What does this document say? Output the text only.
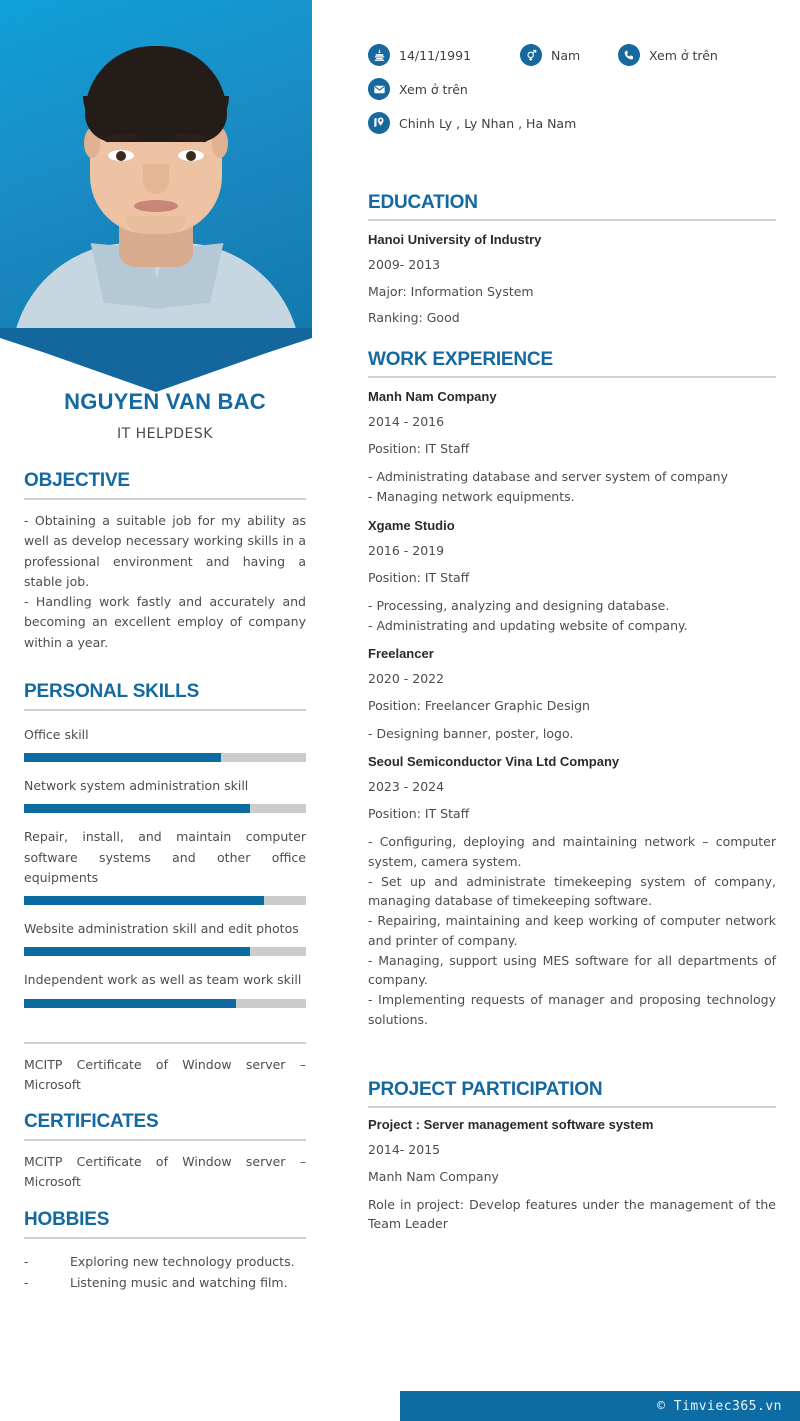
NGUYEN VAN BAC
IT HELPDESK
OBJECTIVE
- Obtaining a suitable job for my ability as well as develop necessary working skills in a professional environment and having a stable job.
- Handling work fastly and accurately and becoming an excellent employ of company within a year.
PERSONAL SKILLS
Office skill
Network system administration skill
Repair, install, and maintain computer software systems and other office equipments
Website administration skill and edit photos
Independent work as well as team work skill
MCITP Certificate of Window server – Microsoft
CERTIFICATES
MCITP Certificate of Window server – Microsoft
HOBBIES
-	Exploring new technology products.
-	Listening music and watching film.
14/11/1991	Nam	Xem ở trên
Xem ở trên
Chinh Ly , Ly Nhan , Ha Nam
EDUCATION
Hanoi University of Industry
2009- 2013
Major: Information System
Ranking: Good
WORK EXPERIENCE
Manh Nam Company
2014 - 2016
Position: IT Staff
- Administrating database and server system of company
- Managing network equipments.
Xgame Studio
2016 - 2019
Position: IT Staff
- Processing, analyzing and designing database.
- Administrating and updating website of company.
Freelancer
2020 - 2022
Position: Freelancer Graphic Design
- Designing banner, poster, logo.
Seoul Semiconductor Vina Ltd Company
2023 - 2024
Position: IT Staff
- Configuring, deploying and maintaining network – computer system, camera system.
- Set up and administrate timekeeping system of company, managing database of timekeeping software.
- Repairing, maintaining and keep working of computer network and printer of company.
- Managing, support using MES software for all departments of company.
- Implementing requests of manager and proposing technology solutions.
PROJECT PARTICIPATION
Project : Server management software system
2014- 2015
Manh Nam Company
Role in project: Develop features under the management of the Team Leader
© Timviec365.vn
